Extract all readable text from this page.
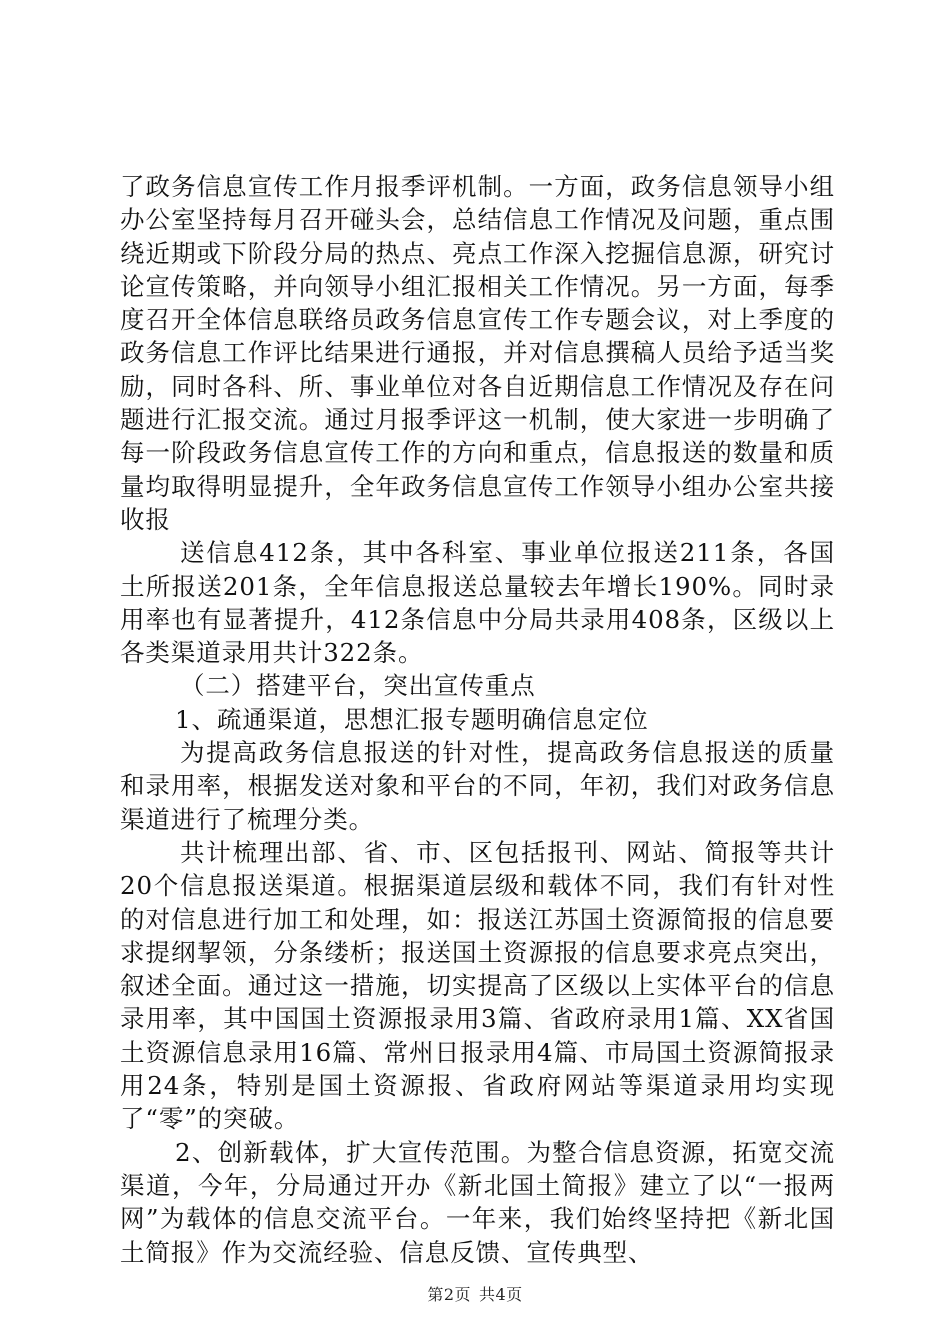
了政务信息宣传工作月报季评机制。一方面，政务信息领导小组办公室坚持每月召开碰头会，总结信息工作情况及问题，重点围绕近期或下阶段分局的热点、亮点工作深入挖掘信息源，研究讨论宣传策略，并向领导小组汇报相关工作情况。另一方面，每季度召开全体信息联络员政务信息宣传工作专题会议，对上季度的政务信息工作评比结果进行通报，并对信息撰稿人员给予适当奖励，同时各科、所、事业单位对各自近期信息工作情况及存在问题进行汇报交流。通过月报季评这一机制，使大家进一步明确了每一阶段政务信息宣传工作的方向和重点，信息报送的数量和质量均取得明显提升，全年政务信息宣传工作领导小组办公室共接收报

送信息412条，其中各科室、事业单位报送211条，各国土所报送201条，全年信息报送总量较去年增长190%。同时录用率也有显著提升，412条信息中分局共录用408条，区级以上各类渠道录用共计322条。

（二）搭建平台，突出宣传重点

1、疏通渠道，思想汇报专题明确信息定位

为提高政务信息报送的针对性，提高政务信息报送的质量和录用率，根据发送对象和平台的不同，年初，我们对政务信息渠道进行了梳理分类。

共计梳理出部、省、市、区包括报刊、网站、简报等共计20个信息报送渠道。根据渠道层级和载体不同，我们有针对性的对信息进行加工和处理，如：报送江苏国土资源简报的信息要求提纲挈领，分条缕析；报送国土资源报的信息要求亮点突出，叙述全面。通过这一措施，切实提高了区级以上实体平台的信息录用率，其中国国土资源报录用3篇、省政府录用1篇、XX省国土资源信息录用16篇、常州日报录用4篇、市局国土资源简报录用24条，特别是国土资源报、省政府网站等渠道录用均实现了“零”的突破。

2、创新载体，扩大宣传范围。为整合信息资源，拓宽交流渠道，今年，分局通过开办《新北国土简报》建立了以“一报两网”为载体的信息交流平台。一年来，我们始终坚持把《新北国土简报》作为交流经验、信息反馈、宣传典型、

第2页 共4页
